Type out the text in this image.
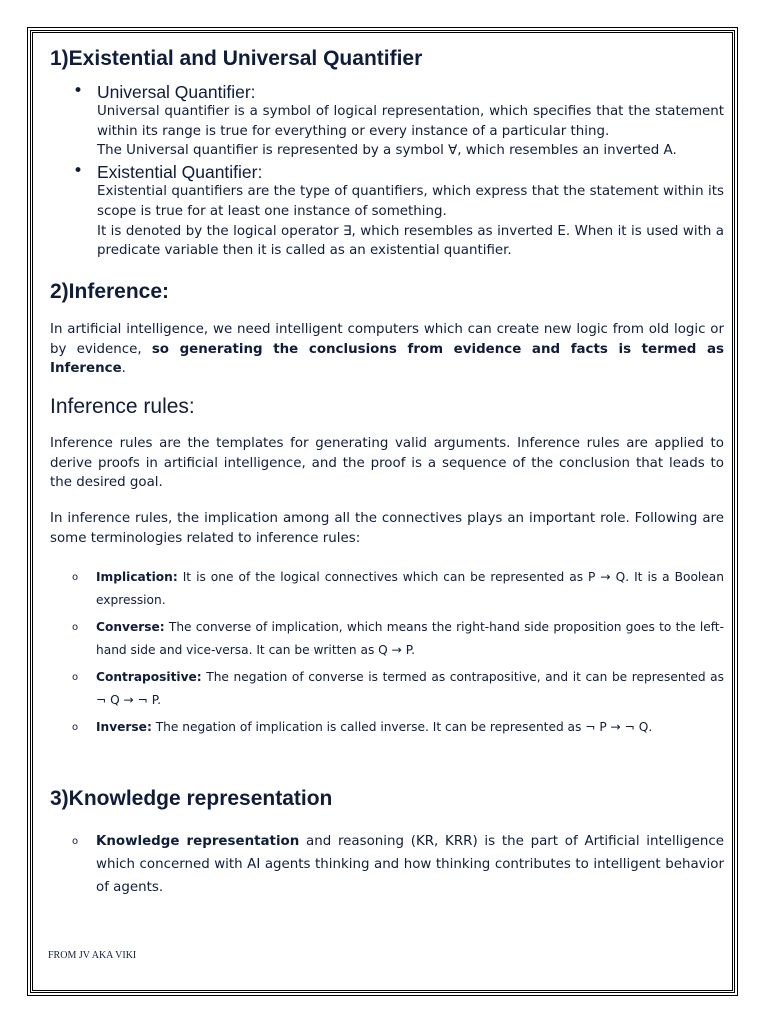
1)Existential and Universal Quantifier
• Universal Quantifier:
Universal quantifier is a symbol of logical representation, which specifies that the statement within its range is true for everything or every instance of a particular thing.
The Universal quantifier is represented by a symbol ∀, which resembles an inverted A.
• Existential Quantifier:
Existential quantifiers are the type of quantifiers, which express that the statement within its scope is true for at least one instance of something.
It is denoted by the logical operator ∃, which resembles as inverted E. When it is used with a predicate variable then it is called as an existential quantifier.
2)Inference:

In artificial intelligence, we need intelligent computers which can create new logic from old logic or by evidence, so generating the conclusions from evidence and facts is termed as Inference.

Inference rules:

Inference rules are the templates for generating valid arguments. Inference rules are applied to derive proofs in artificial intelligence, and the proof is a sequence of the conclusion that leads to the desired goal.

In inference rules, the implication among all the connectives plays an important role. Following are some terminologies related to inference rules:

o Implication: It is one of the logical connectives which can be represented as P → Q. It is a Boolean expression.
o Converse: The converse of implication, which means the right-hand side proposition goes to the left-hand side and vice-versa. It can be written as Q → P.
o Contrapositive: The negation of converse is termed as contrapositive, and it can be represented as ¬ Q → ¬ P.
o Inverse: The negation of implication is called inverse. It can be represented as ¬ P → ¬ Q.
3)Knowledge representation
o Knowledge representation and reasoning (KR, KRR) is the part of Artificial intelligence which concerned with AI agents thinking and how thinking contributes to intelligent behavior of agents.
FROM JV AKA VIKI
